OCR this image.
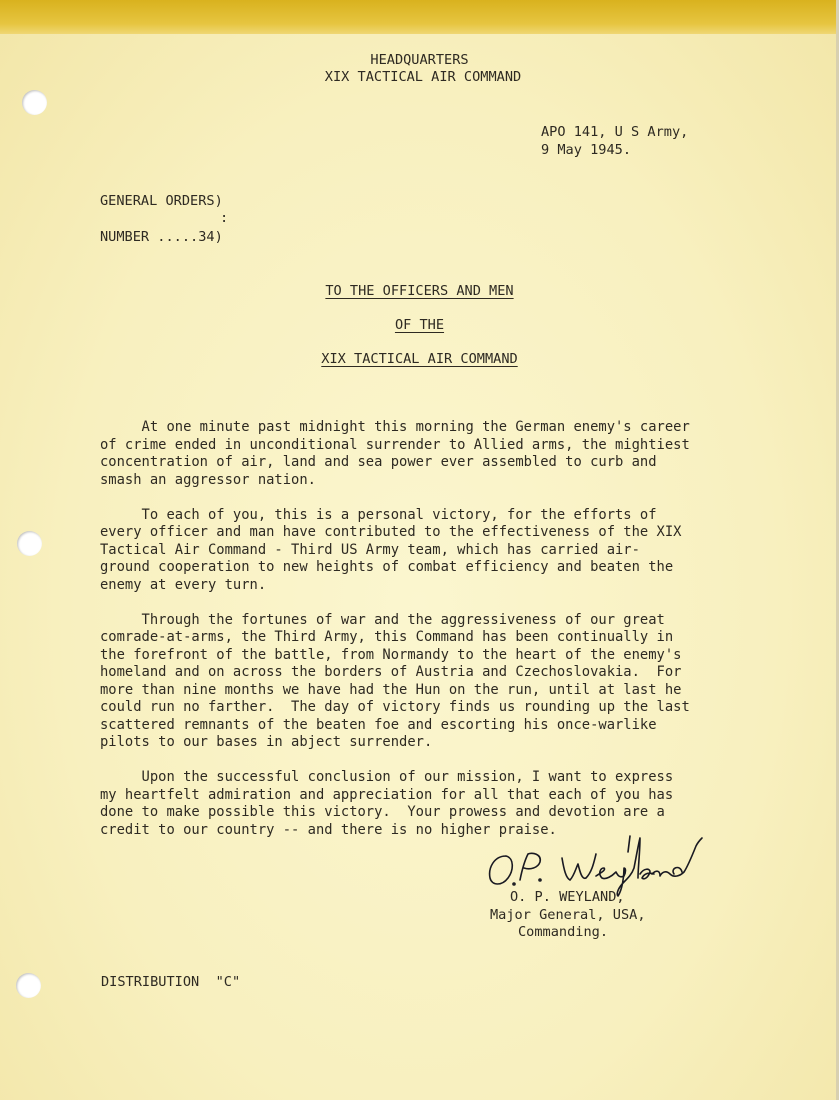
HEADQUARTERS
XIX TACTICAL AIR COMMAND
APO 141, U S Army,
9 May 1945.
GENERAL ORDERS)
:
NUMBER .....34)
TO THE OFFICERS AND MEN
OF THE
XIX TACTICAL AIR COMMAND

At one minute past midnight this morning the German enemy's career
of crime ended in unconditional surrender to Allied arms, the mightiest
concentration of air, land and sea power ever assembled to curb and
smash an aggressor nation.

To each of you, this is a personal victory, for the efforts of
every officer and man have contributed to the effectiveness of the XIX
Tactical Air Command - Third US Army team, which has carried air-
ground cooperation to new heights of combat efficiency and beaten the
enemy at every turn.

Through the fortunes of war and the aggressiveness of our great
comrade-at-arms, the Third Army, this Command has been continually in
the forefront of the battle, from Normandy to the heart of the enemy's
homeland and on across the borders of Austria and Czechoslovakia.  For
more than nine months we have had the Hun on the run, until at last he
could run no farther.  The day of victory finds us rounding up the last
scattered remnants of the beaten foe and escorting his once-warlike
pilots to our bases in abject surrender.

Upon the successful conclusion of our mission, I want to express
my heartfelt admiration and appreciation for all that each of you has
done to make possible this victory.  Your prowess and devotion are a
credit to our country -- and there is no higher praise.

O. P. WEYLAND,
Major General, USA,
Commanding.
DISTRIBUTION  "C"
